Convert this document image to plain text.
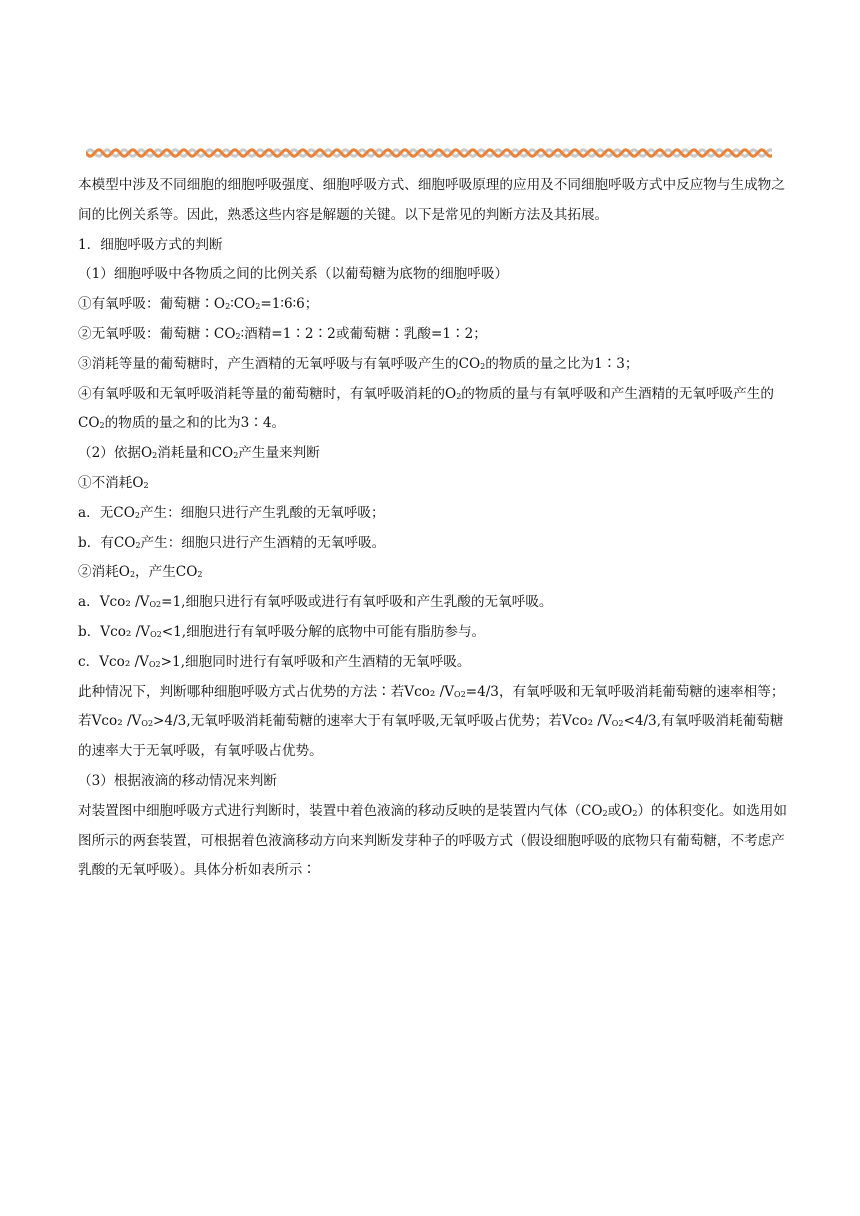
本模型中涉及不同细胞的细胞呼吸强度、细胞呼吸方式、细胞呼吸原理的应用及不同细胞呼吸方式中反应物与生成物之间的比例关系等。因此，熟悉这些内容是解题的关键。以下是常见的判断方法及其拓展。

1．细胞呼吸方式的判断

（1）细胞呼吸中各物质之间的比例关系（以葡萄糖为底物的细胞呼吸）

①有氧呼吸：葡萄糖$∶O_2∶CO_2=1∶6∶6$；

②无氧呼吸：葡萄糖$∶CO_2∶$酒精=1∶2∶2或葡萄糖∶乳酸=1∶2；

③消耗等量的葡萄糖时，产生酒精的无氧呼吸与有氧呼吸产生的$CO_2$的物质的量之比为1∶3；

④有氧呼吸和无氧呼吸消耗等量的葡萄糖时，有氧呼吸消耗的$O_2$的物质的量与有氧呼吸和产生酒精的无氧呼吸产生的$CO_2$的物质的量之和的比为3∶4。

（2）依据$O_2$消耗量和$CO_2$产生量来判断

①不消耗$O_2$

a．无$CO_2$产生：细胞只进行产生乳酸的无氧呼吸；

b．有$CO_2$产生：细胞只进行产生酒精的无氧呼吸。

②消耗$O_2$，产生$CO_2$

a．Vco₂ $/V_{O2}=1$,细胞只进行有氧呼吸或进行有氧呼吸和产生乳酸的无氧呼吸。

b．Vco₂ $/V_{O2}<1$,细胞进行有氧呼吸分解的底物中可能有脂肪参与。

c．Vco₂ $/V_{O2}>1$,细胞同时进行有氧呼吸和产生酒精的无氧呼吸。

此种情况下，判断哪种细胞呼吸方式占优势的方法∶若Vco₂ $/V_{O2}=4/3$，有氧呼吸和无氧呼吸消耗葡萄糖的速率相等；若Vco₂ $/V_{O2}>4/3$,无氧呼吸消耗葡萄糖的速率大于有氧呼吸,无氧呼吸占优势；若Vco₂ $/V_{O2}<4/3$,有氧呼吸消耗葡萄糖的速率大于无氧呼吸，有氧呼吸占优势。

（3）根据液滴的移动情况来判断

对装置图中细胞呼吸方式进行判断时，装置中着色液滴的移动反映的是装置内气体（$CO_2$或$O_2$）的体积变化。如选用如图所示的两套装置，可根据着色液滴移动方向来判断发芽种子的呼吸方式（假设细胞呼吸的底物只有葡萄糖，不考虑产乳酸的无氧呼吸）。具体分析如表所示∶
